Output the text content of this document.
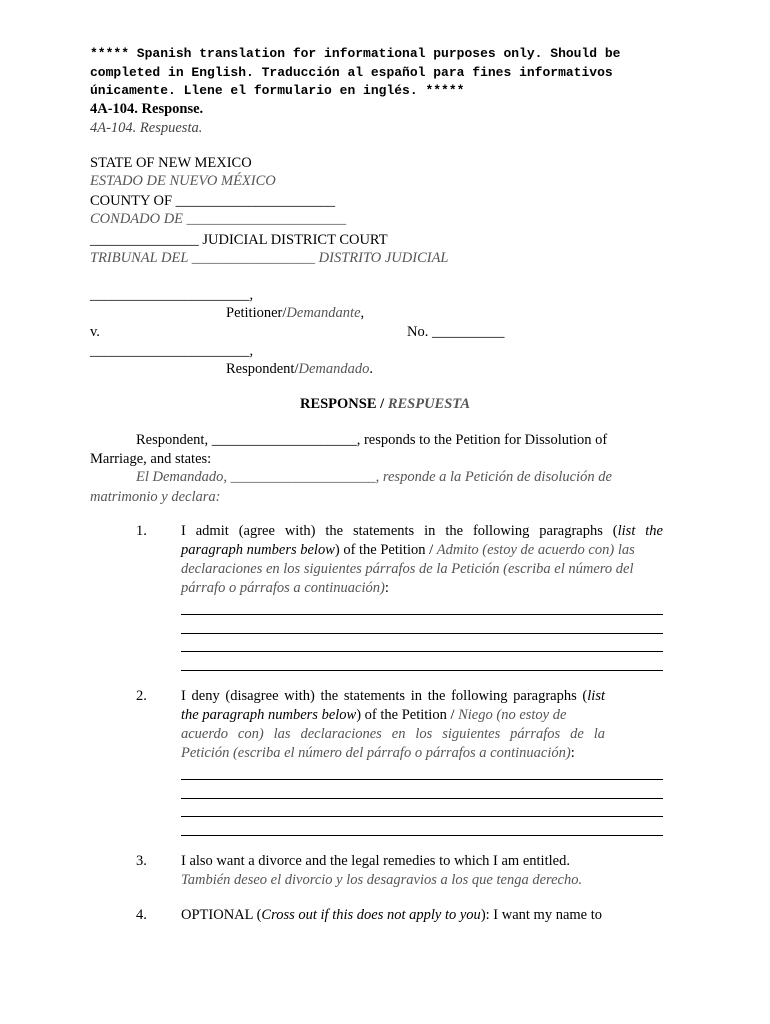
***** Spanish translation for informational purposes only. Should be
completed in English. Traducción al español para fines informativos
únicamente. Llene el formulario en inglés. *****
4A-104. Response.
4A-104. Respuesta.
STATE OF NEW MEXICO
ESTADO DE NUEVO MÉXICO
COUNTY OF ______________________
CONDADO DE ______________________
_______________ JUDICIAL DISTRICT COURT
TRIBUNAL DEL _________________ DISTRITO JUDICIAL
______________________,
Petitioner/Demandante,
v.	No. __________
______________________,
Respondent/Demandado.
RESPONSE / RESPUESTA
Respondent, ____________________, responds to the Petition for Dissolution of
Marriage, and states:
El Demandado, ____________________, responde a la Petición de disolución de
matrimonio y declara:
1. I admit (agree with) the statements in the following paragraphs (list the
paragraph numbers below) of the Petition / Admito (estoy de acuerdo con) las
declaraciones en los siguientes párrafos de la Petición (escriba el número del
párrafo o párrafos a continuación):
2. I deny (disagree with) the statements in the following paragraphs (list
the paragraph numbers below) of the Petition / Niego (no estoy de
acuerdo con) las declaraciones en los siguientes párrafos de la
Petición (escriba el número del párrafo o párrafos a continuación):
3. I also want a divorce and the legal remedies to which I am entitled.
También deseo el divorcio y los desagravios a los que tenga derecho.
4. OPTIONAL (Cross out if this does not apply to you): I want my name to
